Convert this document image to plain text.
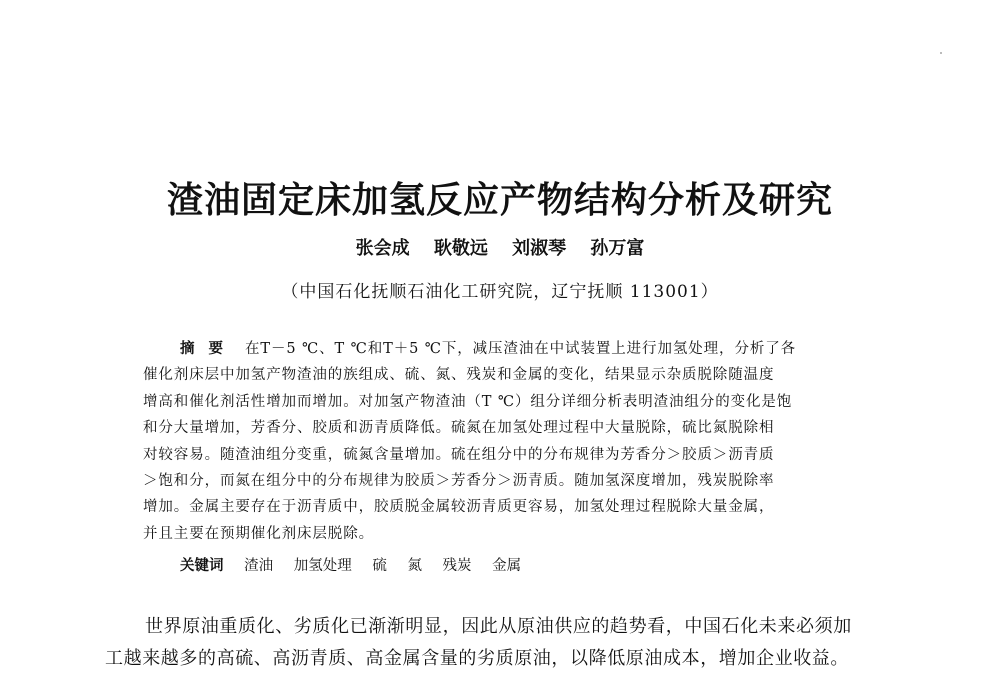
渣油固定床加氢反应产物结构分析及研究
张会成 耿敬远 刘淑琴 孙万富
（中国石化抚顺石油化工研究院，辽宁抚顺 113001）
摘要 在T－5 ℃、T ℃和T＋5 ℃下，减压渣油在中试装置上进行加氢处理，分析了各
催化剂床层中加氢产物渣油的族组成、硫、氮、残炭和金属的变化，结果显示杂质脱除随温度
增高和催化剂活性增加而增加。对加氢产物渣油（T ℃）组分详细分析表明渣油组分的变化是饱
和分大量增加，芳香分、胶质和沥青质降低。硫氮在加氢处理过程中大量脱除，硫比氮脱除相
对较容易。随渣油组分变重，硫氮含量增加。硫在组分中的分布规律为芳香分＞胶质＞沥青质
＞饱和分，而氮在组分中的分布规律为胶质＞芳香分＞沥青质。随加氢深度增加，残炭脱除率
增加。金属主要存在于沥青质中，胶质脱金属较沥青质更容易，加氢处理过程脱除大量金属，
并且主要在预期催化剂床层脱除。
关键词 渣油 加氢处理 硫 氮 残炭 金属
世界原油重质化、劣质化已渐渐明显，因此从原油供应的趋势看，中国石化未来必须加
工越来越多的高硫、高沥青质、高金属含量的劣质原油，以降低原油成本，增加企业收益。
